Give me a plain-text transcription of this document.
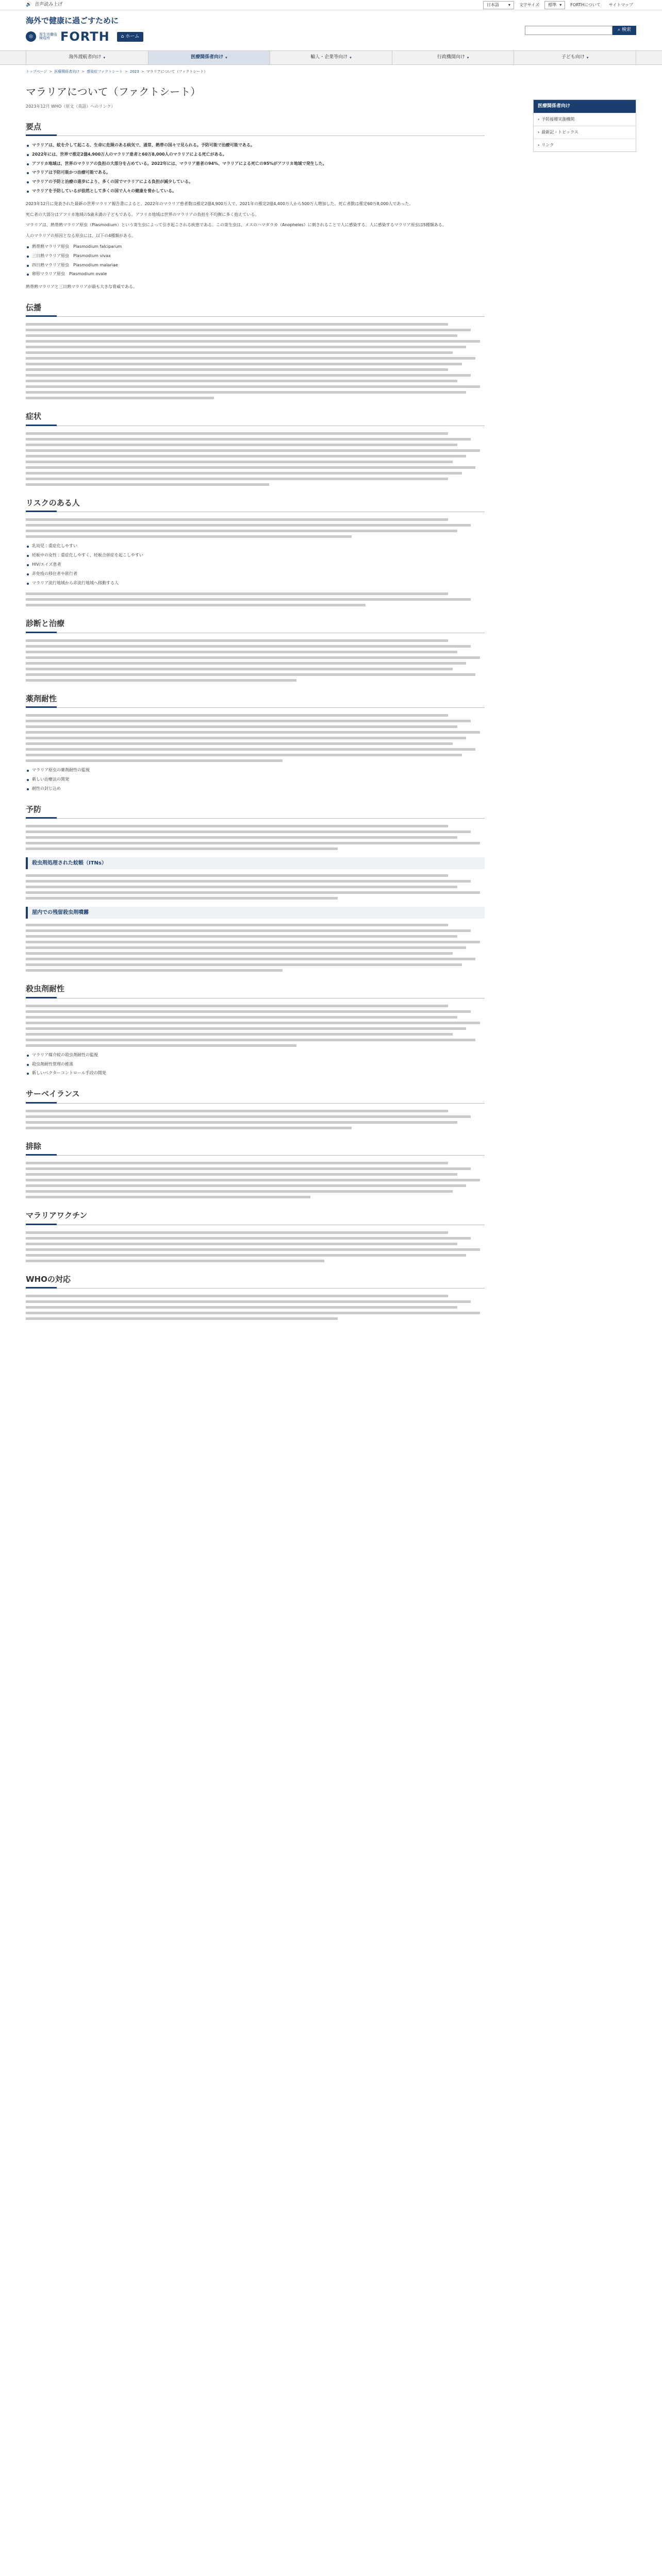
🔊 音声読み上げ	日本語 ▾	文字サイズ	標準 ▾	FORTHについて	サイトマップ
海外で健康に過ごすために
◎	厚生労働省
検疫所 FORTH	⌂ ホーム
⌕ 検索
海外渡航者向け ▾	医療関係者向け ▾	輸入・企業等向け ▾	行政機関向け ▾	子ども向け ▾
トップページ > 医療関係者向け > 感染症ファクトシート > 2023 > マラリアについて（ファクトシート）
マラリアについて（ファクトシート）
2023年12月 WHO（原文（英語）へのリンク）
要点
マラリアは、蚊を介して起こる、生命に危険のある病気で、通常、熱帯の国々で見られる。予防可能で治療可能である。
2022年には、世界で推定2億4,900万人のマラリア患者と60万8,000人のマラリアによる死亡がある。
アフリカ地域は、世界のマラリアの負担の大部分を占めている。2022年には、マラリア患者の94%、マラリアによる死亡の95%がアフリカ地域で発生した。
マラリアは予防可能かつ治療可能である。
マラリアの予防と治療の進歩により、多くの国でマラリアによる負担が減少している。
マラリアを予防しているが依然として多くの国で人々の健康を脅かしている。

2023年12月に発表された最新の世界マラリア報告書によると、2022年のマラリア患者数は推定2億4,900万人で、2021年の推定2億4,400万人から500万人増加した。死亡者数は推定60万8,000人であった。

死亡者の大部分はアフリカ地域の5歳未満の子どもである。アフリカ地域は世界のマラリアの負担を不均衡に多く抱えている。

マラリアは、熱帯熱マラリア原虫（Plasmodium）という寄生虫によって引き起こされる疾患である。この寄生虫は、メスのハマダラカ（Anopheles）に刺されることで人に感染する。人に感染するマラリア原虫は5種類ある。

人のマラリアの原因となる原虫には、以下の4種類がある。

熱帯熱マラリア原虫　Plasmodium falciparum
三日熱マラリア原虫　Plasmodium vivax
四日熱マラリア原虫　Plasmodium malariae
卵形マラリア原虫　Plasmodium ovale

熱帯熱マラリアと三日熱マラリアが最も大きな脅威である。

伝播
症状
リスクのある人
乳幼児：重症化しやすい
妊娠中の女性：重症化しやすく、妊娠合併症を起こしやすい
HIV/エイズ患者
非免疫の移住者や旅行者
マラリア流行地域から非流行地域へ移動する人
診断と治療
薬剤耐性
マラリア原虫の薬剤耐性の監視
新しい治療法の開発
耐性の封じ込め
予防
殺虫剤処理された蚊帳（ITNs）
屋内での残留殺虫剤噴霧
殺虫剤耐性
マラリア媒介蚊の殺虫剤耐性の監視
殺虫剤耐性管理の推進
新しいベクターコントロール手段の開発
サーベイランス
排除
マラリアワクチン
WHOの対応
医療関係者向け
› 予防接種実施機関
› 最新記・トピックス
› リンク
